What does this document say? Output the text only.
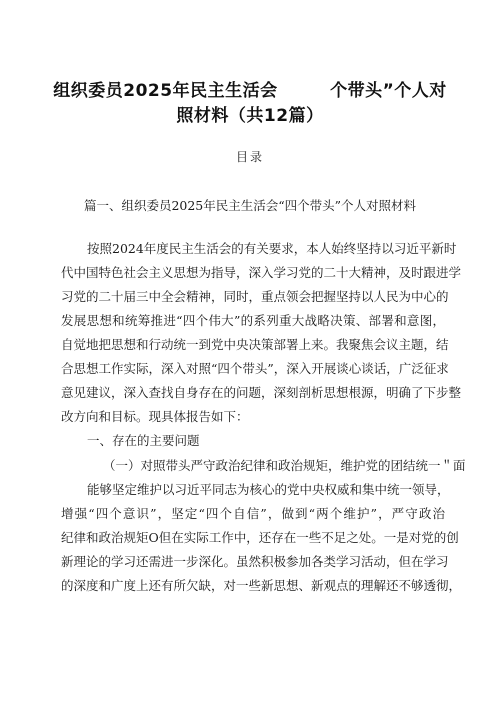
组织委员2025年民主生活会　　　个带头”个人对
照材料（共12篇）
目录
篇一、组织委员2025年民主生活会“四个带头”个人对照材料
按照2024年度民主生活会的有关要求，本人始终坚持以习近平新时
代中国特色社会主义思想为指导，深入学习党的二十大精神，及时跟进学
习党的二十届三中全会精神，同时，重点领会把握坚持以人民为中心的
发展思想和统筹推进“四个伟大”的系列重大战略决策、部署和意图，
自觉地把思想和行动统一到党中央决策部署上来。我聚焦会议主题，结
合思想工作实际，深入对照“四个带头”，深入开展谈心谈话，广泛征求
意见建议，深入查找自身存在的问题，深刻剖析思想根源，明确了下步整
改方向和目标。现具体报告如下：
一、存在的主要问题
（一）对照带头严守政治纪律和政治规矩，维护党的团结统一＂面
能够坚定维护以习近平同志为核心的党中央权威和集中统一领导，
增强“四个意识”，坚定“四个自信”，做到“两个维护”，严守政治
纪律和政治规矩O但在实际工作中，还存在一些不足之处。一是对党的创
新理论的学习还需进一步深化。虽然积极参加各类学习活动，但在学习
的深度和广度上还有所欠缺，对一些新思想、新观点的理解还不够透彻，
